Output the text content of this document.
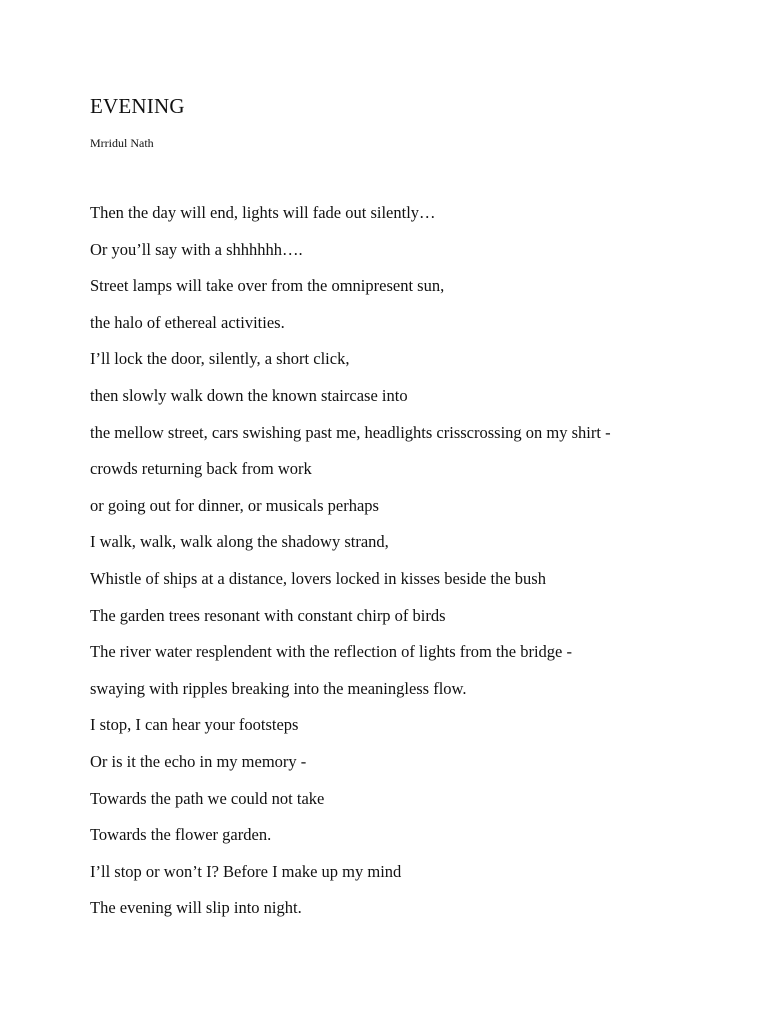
EVENING

Mrridul Nath

Then the day will end, lights will fade out silently…
Or you’ll say with a shhhhhh….
Street lamps will take over from the omnipresent sun,
the halo of ethereal activities.
I’ll lock the door, silently, a short click,
then slowly walk down the known staircase into
the mellow street, cars swishing past me, headlights crisscrossing on my shirt -
crowds returning back from work
or going out for dinner, or musicals perhaps
I walk, walk, walk along the shadowy strand,
Whistle of ships at a distance, lovers locked in kisses beside the bush
The garden trees resonant with constant chirp of birds
The river water resplendent with the reflection of lights from the bridge -
swaying with ripples breaking into the meaningless flow.
I stop, I can hear your footsteps
Or is it the echo in my memory -
Towards the path we could not take
Towards the flower garden.
I’ll stop or won’t I? Before I make up my mind
The evening will slip into night.
